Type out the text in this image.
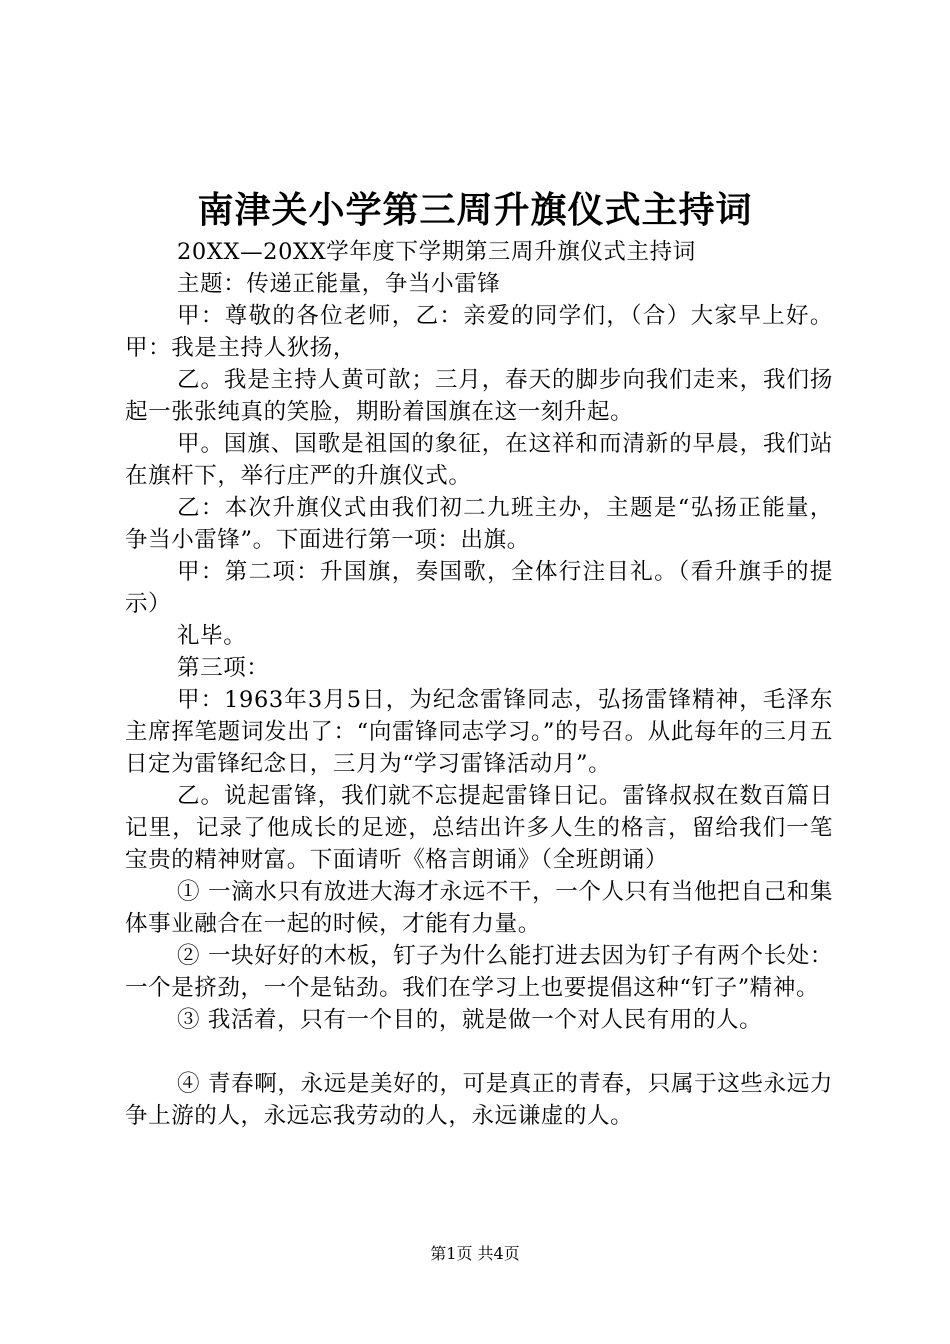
南津关小学第三周升旗仪式主持词

20XX—20XX学年度下学期第三周升旗仪式主持词

主题：传递正能量，争当小雷锋

甲：尊敬的各位老师，乙：亲爱的同学们，（合）大家早上好。甲：我是主持人狄扬，

乙。我是主持人黄可歆；三月，春天的脚步向我们走来，我们扬起一张张纯真的笑脸，期盼着国旗在这一刻升起。

甲。国旗、国歌是祖国的象征，在这祥和而清新的早晨，我们站在旗杆下，举行庄严的升旗仪式。

乙：本次升旗仪式由我们初二九班主办，主题是“弘扬正能量，争当小雷锋”。下面进行第一项：出旗。

甲：第二项：升国旗，奏国歌，全体行注目礼。（看升旗手的提示）

礼毕。

第三项：

甲：1963年3月5日，为纪念雷锋同志，弘扬雷锋精神，毛泽东主席挥笔题词发出了：“向雷锋同志学习。”的号召。从此每年的三月五日定为雷锋纪念日，三月为“学习雷锋活动月”。

乙。说起雷锋，我们就不忘提起雷锋日记。雷锋叔叔在数百篇日记里，记录了他成长的足迹，总结出许多人生的格言，留给我们一笔宝贵的精神财富。下面请听《格言朗诵》（全班朗诵）

① 一滴水只有放进大海才永远不干，一个人只有当他把自己和集体事业融合在一起的时候，才能有力量。

② 一块好好的木板，钉子为什么能打进去因为钉子有两个长处：一个是挤劲，一个是钻劲。我们在学习上也要提倡这种“钉子”精神。

③ 我活着，只有一个目的，就是做一个对人民有用的人。

④ 青春啊，永远是美好的，可是真正的青春，只属于这些永远力争上游的人，永远忘我劳动的人，永远谦虚的人。

第1页 共4页
